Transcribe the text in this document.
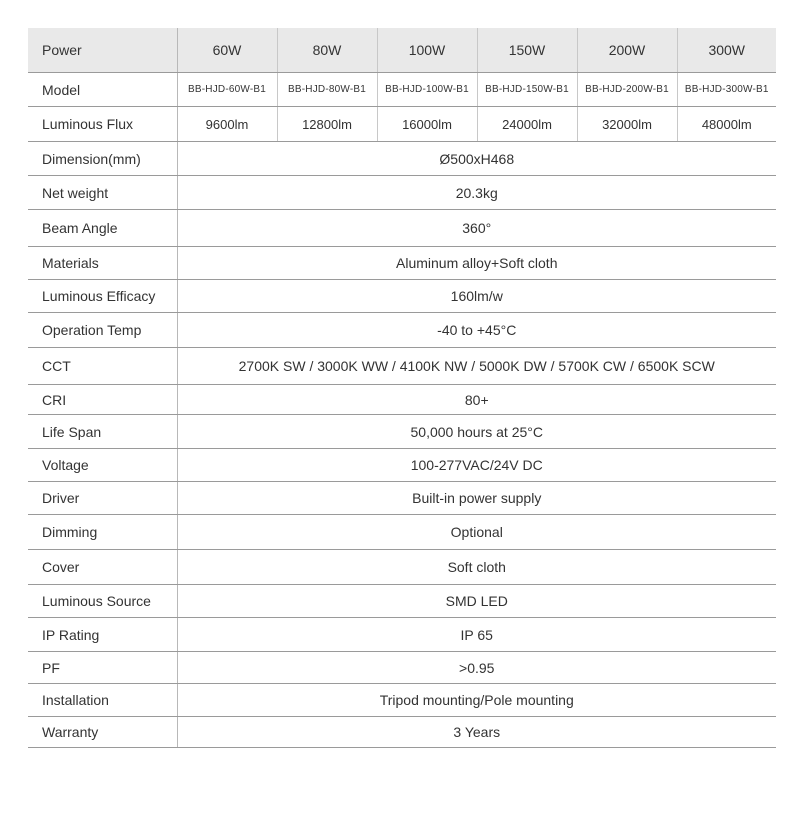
Power	60W	80W	100W	150W	200W	300W
Model	BB-HJD-60W-B1	BB-HJD-80W-B1	BB-HJD-100W-B1	BB-HJD-150W-B1	BB-HJD-200W-B1	BB-HJD-300W-B1
Luminous Flux	9600lm	12800lm	16000lm	24000lm	32000lm	48000lm
Dimension(mm)	Ø500xH468					
Net weight	20.3kg					
Beam Angle	360°					
Materials	Aluminum alloy+Soft cloth					
Luminous Efficacy	160lm/w					
Operation Temp	-40 to +45°C					
CCT	2700K SW / 3000K WW / 4100K NW / 5000K DW / 5700K CW / 6500K SCW					
CRI	80+					
Life Span	50,000 hours at 25°C					
Voltage	100-277VAC/24V DC					
Driver	Built-in power supply					
Dimming	Optional					
Cover	Soft cloth					
Luminous Source	SMD LED					
IP Rating	IP 65					
PF	>0.95					
Installation	Tripod mounting/Pole mounting					
Warranty	3 Years					
